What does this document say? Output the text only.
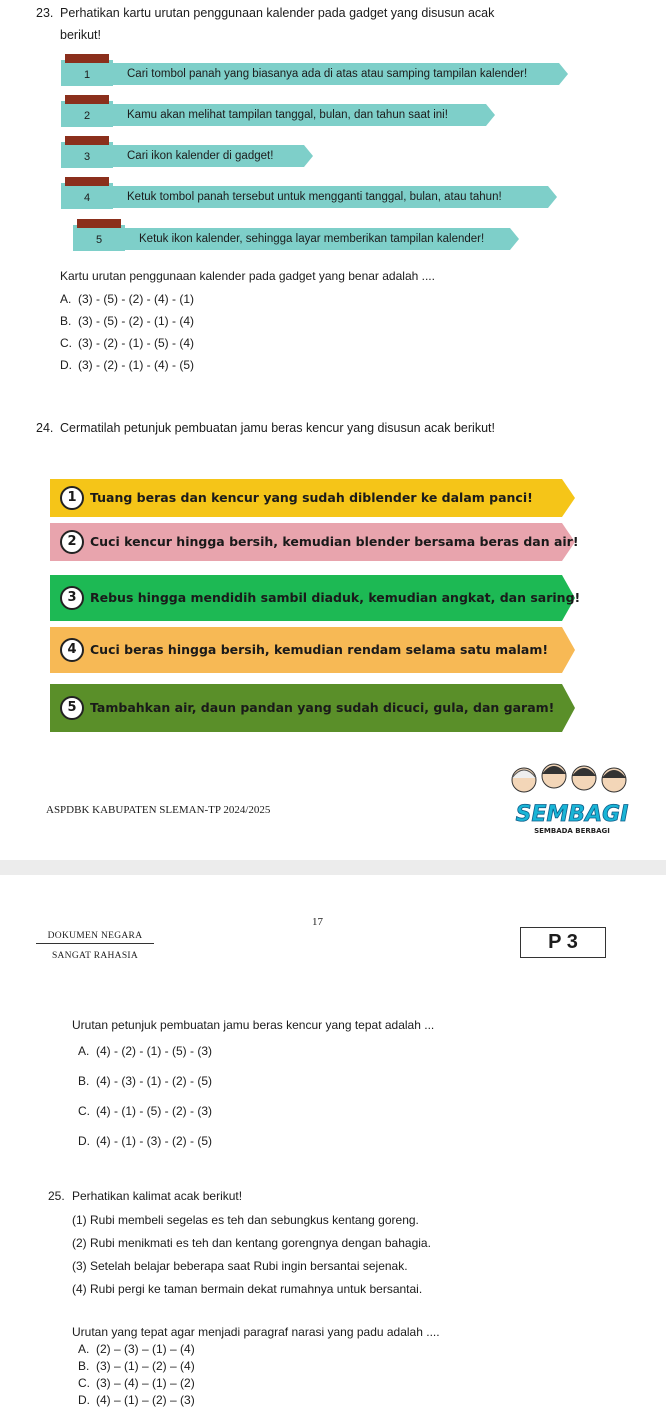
23. Perhatikan kartu urutan penggunaan kalender pada gadget yang disusun acak
berikut!
1	Cari tombol panah yang biasanya ada di atas atau samping tampilan kalender!
2	Kamu akan melihat tampilan tanggal, bulan, dan tahun saat ini!
3	Cari ikon kalender di gadget!
4	Ketuk tombol panah tersebut untuk mengganti tanggal, bulan, atau tahun!
5	Ketuk ikon kalender, sehingga layar memberikan tampilan kalender!
Kartu urutan penggunaan kalender pada gadget yang benar adalah ....
A. (3) - (5) - (2) - (4) - (1)
B. (3) - (5) - (2) - (1) - (4)
C. (3) - (2) - (1) - (5) - (4)
D. (3) - (2) - (1) - (4) - (5)
24. Cermatilah petunjuk pembuatan jamu beras kencur yang disusun acak berikut!
1	Tuang beras dan kencur yang sudah diblender ke dalam panci!
2	Cuci kencur hingga bersih, kemudian blender bersama beras dan air!
3	Rebus hingga mendidih sambil diaduk, kemudian angkat, dan saring!
4	Cuci beras hingga bersih, kemudian rendam selama satu malam!
5	Tambahkan air, daun pandan yang sudah dicuci, gula, dan garam!
ASPDBK KABUPATEN SLEMAN-TP 2024/2025	SEMBAGI
SEMBADA BERBAGI
17
DOKUMEN NEGARA
SANGAT RAHASIA
P 3
Urutan petunjuk pembuatan jamu beras kencur yang tepat adalah ...
A. (4) - (2) - (1) - (5) - (3)
B. (4) - (3) - (1) - (2) - (5)
C. (4) - (1) - (5) - (2) - (3)
D. (4) - (1) - (3) - (2) - (5)
25. Perhatikan kalimat acak berikut!
(1) Rubi membeli segelas es teh dan sebungkus kentang goreng.
(2) Rubi menikmati es teh dan kentang gorengnya dengan bahagia.
(3) Setelah belajar beberapa saat Rubi ingin bersantai sejenak.
(4) Rubi pergi ke taman bermain dekat rumahnya untuk bersantai.
Urutan yang tepat agar menjadi paragraf narasi yang padu adalah ....
A. (2) – (3) – (1) – (4)
B. (3) – (1) – (2) – (4)
C. (3) – (4) – (1) – (2)
D. (4) – (1) – (2) – (3)
